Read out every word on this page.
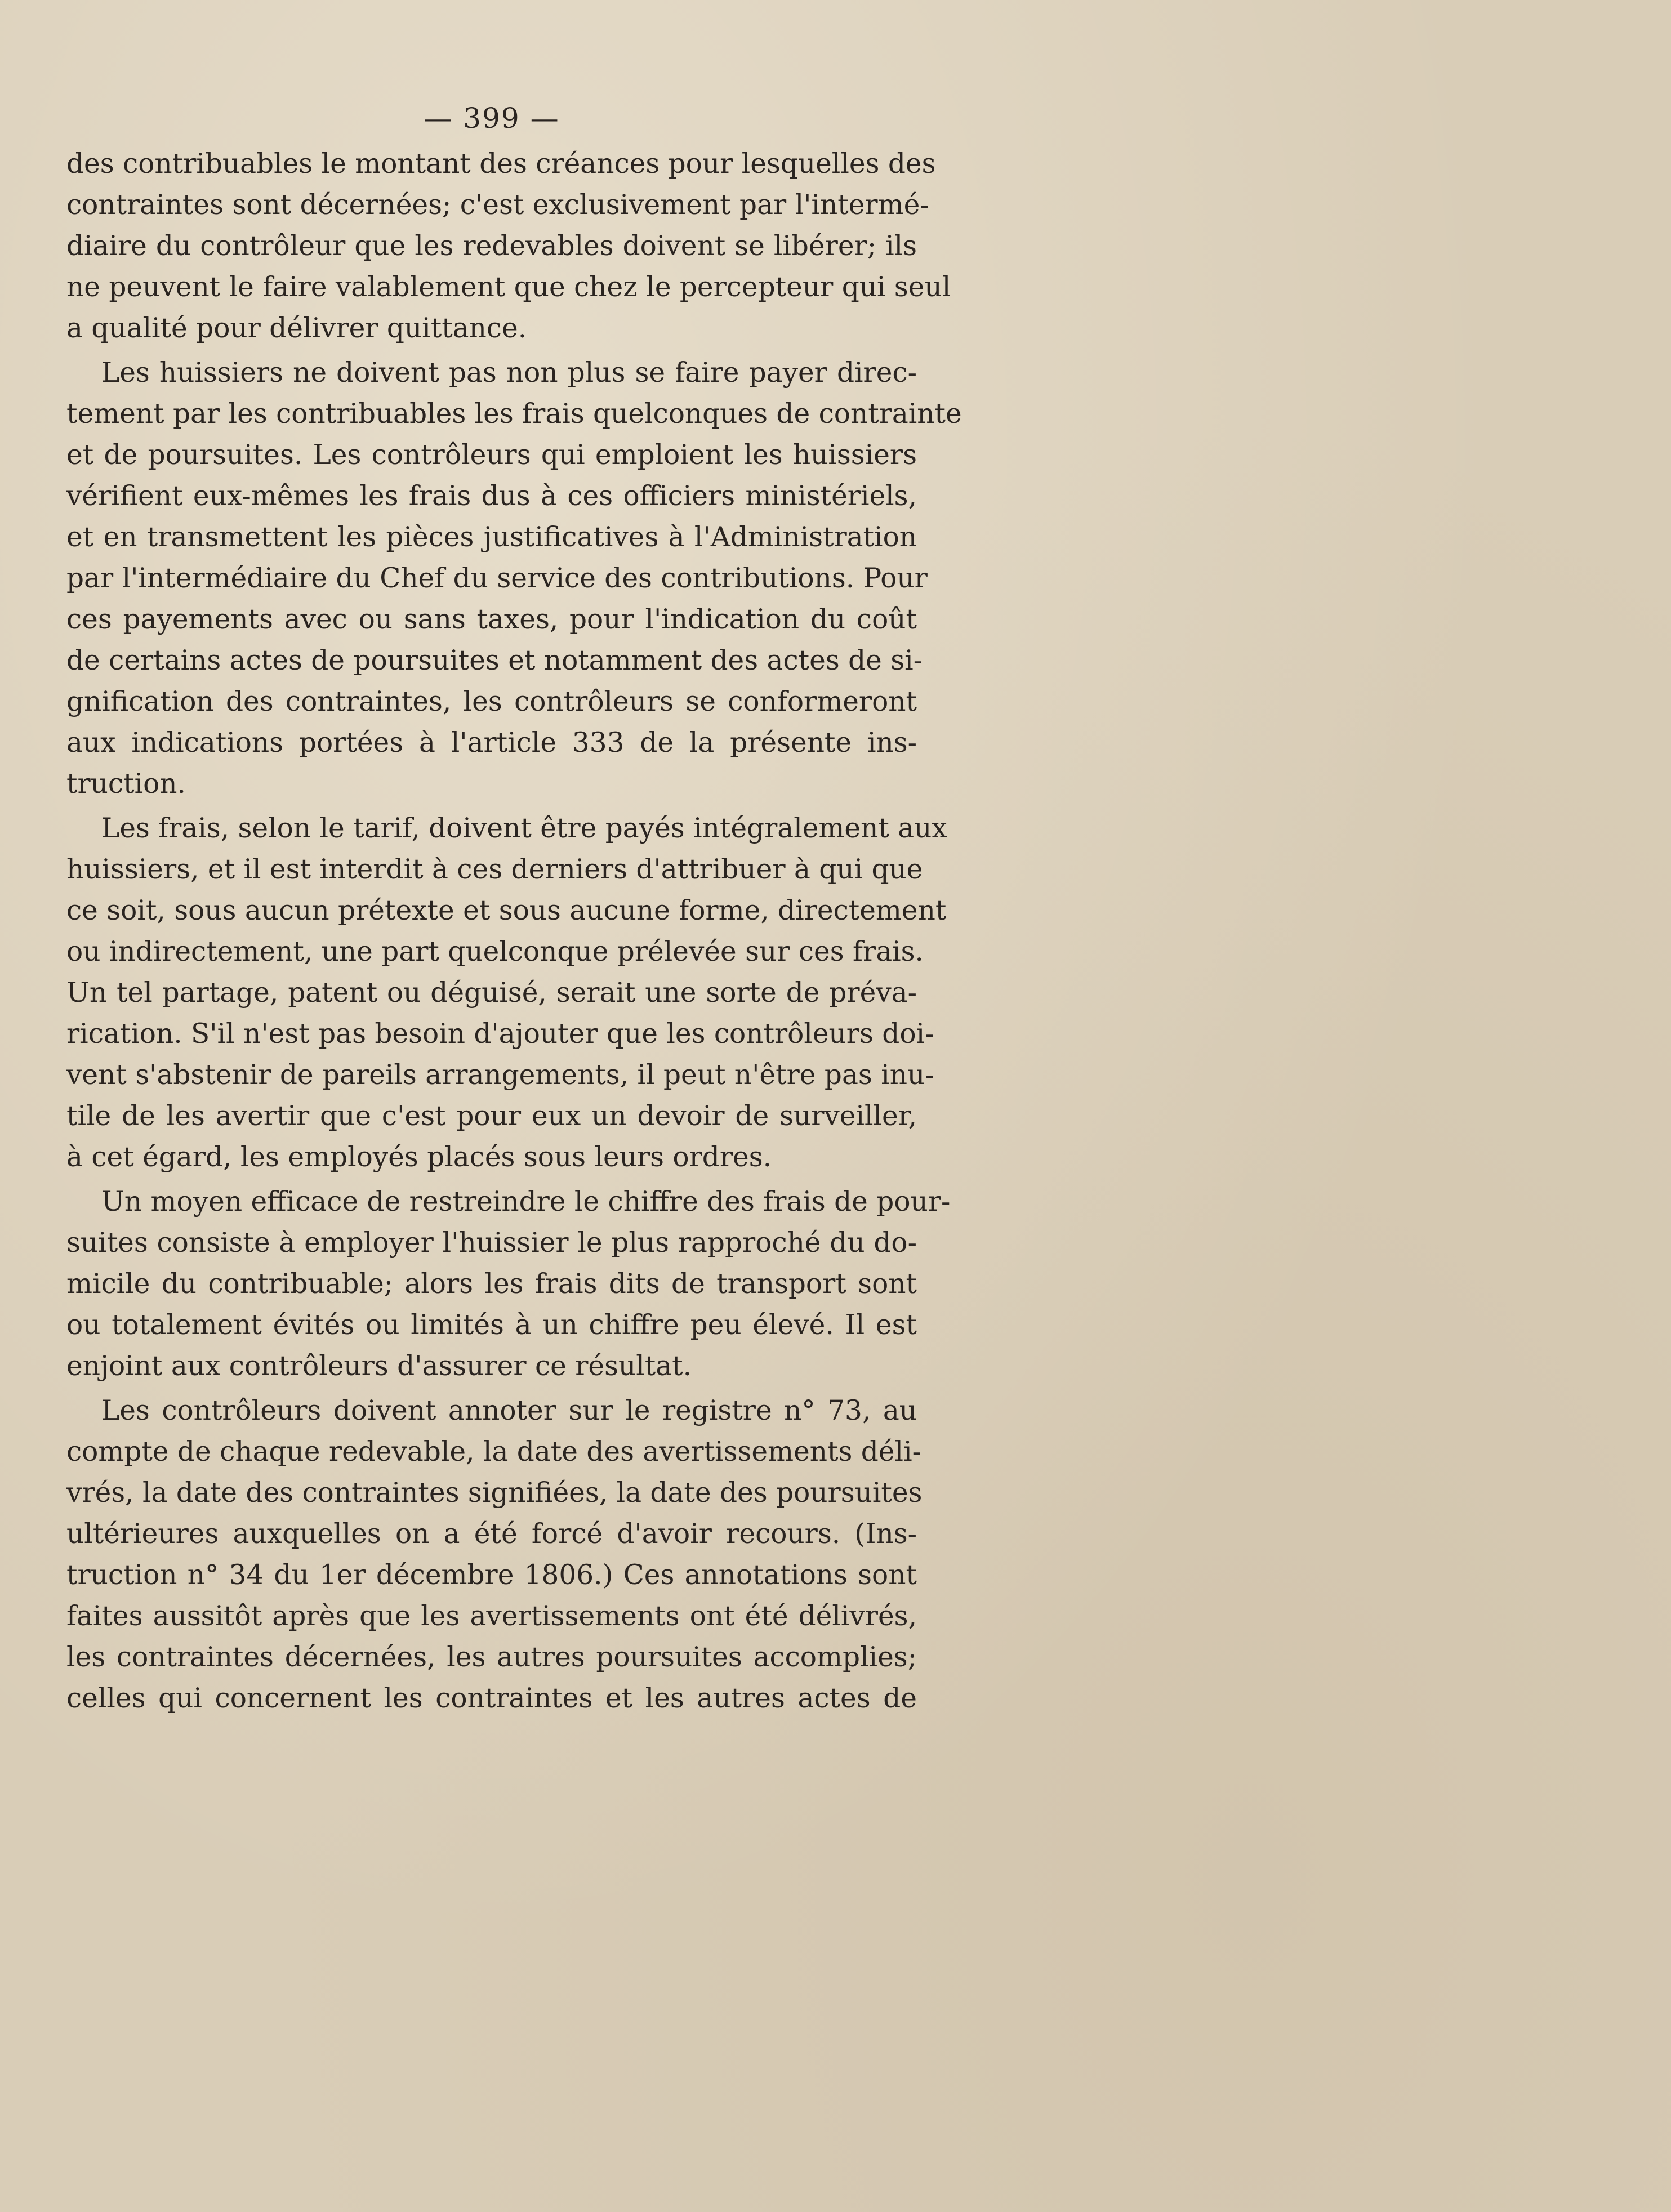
— 399 —
des contribuables le montant des créances pour lesquelles des
contraintes sont décernées; c'est exclusivement par l'intermé-
diaire du contrôleur que les redevables doivent se libérer; ils
ne peuvent le faire valablement que chez le percepteur qui seul
a qualité pour délivrer quittance.
Les huissiers ne doivent pas non plus se faire payer direc-
tement par les contribuables les frais quelconques de contrainte
et de poursuites. Les contrôleurs qui emploient les huissiers
vérifient eux-mêmes les frais dus à ces officiers ministériels,
et en transmettent les pièces justificatives à l'Administration
par l'intermédiaire du Chef du service des contributions. Pour
ces payements avec ou sans taxes, pour l'indication du coût
de certains actes de poursuites et notamment des actes de si-
gnification des contraintes, les contrôleurs se conformeront
aux indications portées à l'article 333 de la présente ins-
truction.
Les frais, selon le tarif, doivent être payés intégralement aux
huissiers, et il est interdit à ces derniers d'attribuer à qui que
ce soit, sous aucun prétexte et sous aucune forme, directement
ou indirectement, une part quelconque prélevée sur ces frais.
Un tel partage, patent ou déguisé, serait une sorte de préva-
rication. S'il n'est pas besoin d'ajouter que les contrôleurs doi-
vent s'abstenir de pareils arrangements, il peut n'être pas inu-
tile de les avertir que c'est pour eux un devoir de surveiller,
à cet égard, les employés placés sous leurs ordres.
Un moyen efficace de restreindre le chiffre des frais de pour-
suites consiste à employer l'huissier le plus rapproché du do-
micile du contribuable; alors les frais dits de transport sont
ou totalement évités ou limités à un chiffre peu élevé. Il est
enjoint aux contrôleurs d'assurer ce résultat.
Les contrôleurs doivent annoter sur le registre n° 73, au
compte de chaque redevable, la date des avertissements déli-
vrés, la date des contraintes signifiées, la date des poursuites
ultérieures auxquelles on a été forcé d'avoir recours. (Ins-
truction n° 34 du 1er décembre 1806.) Ces annotations sont
faites aussitôt après que les avertissements ont été délivrés,
les contraintes décernées, les autres poursuites accomplies;
celles qui concernent les contraintes et les autres actes de
